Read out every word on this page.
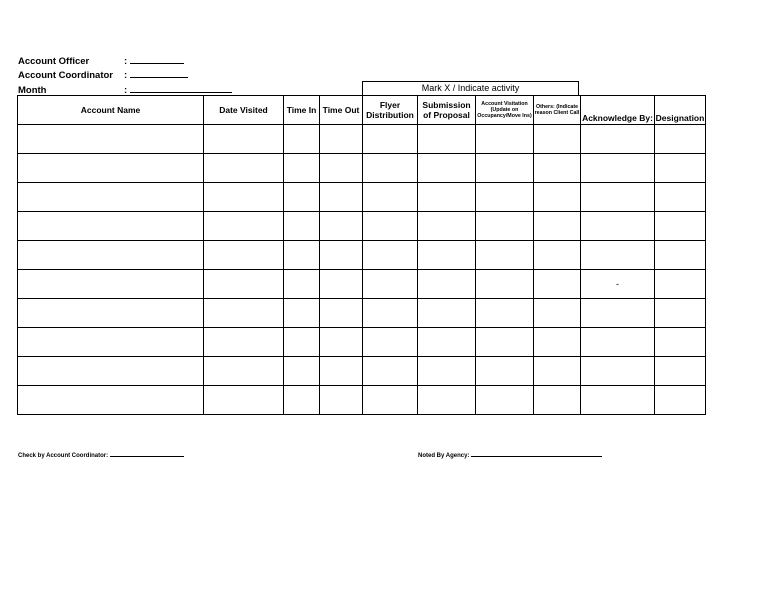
Account Officer	:
Account Coordinator :
Month	:	Mark X / Indicate activity
Account Name	Date Visited	Time In	Time Out	Flyer Distribution	Submission of Proposal	Account Visitation (Update on Occupancy/Move Ins)	Others: (Indicate reason Client Call	Acknowledge By:	Designation

								-	

Check by Account Coordinator:	Noted By Agency:
